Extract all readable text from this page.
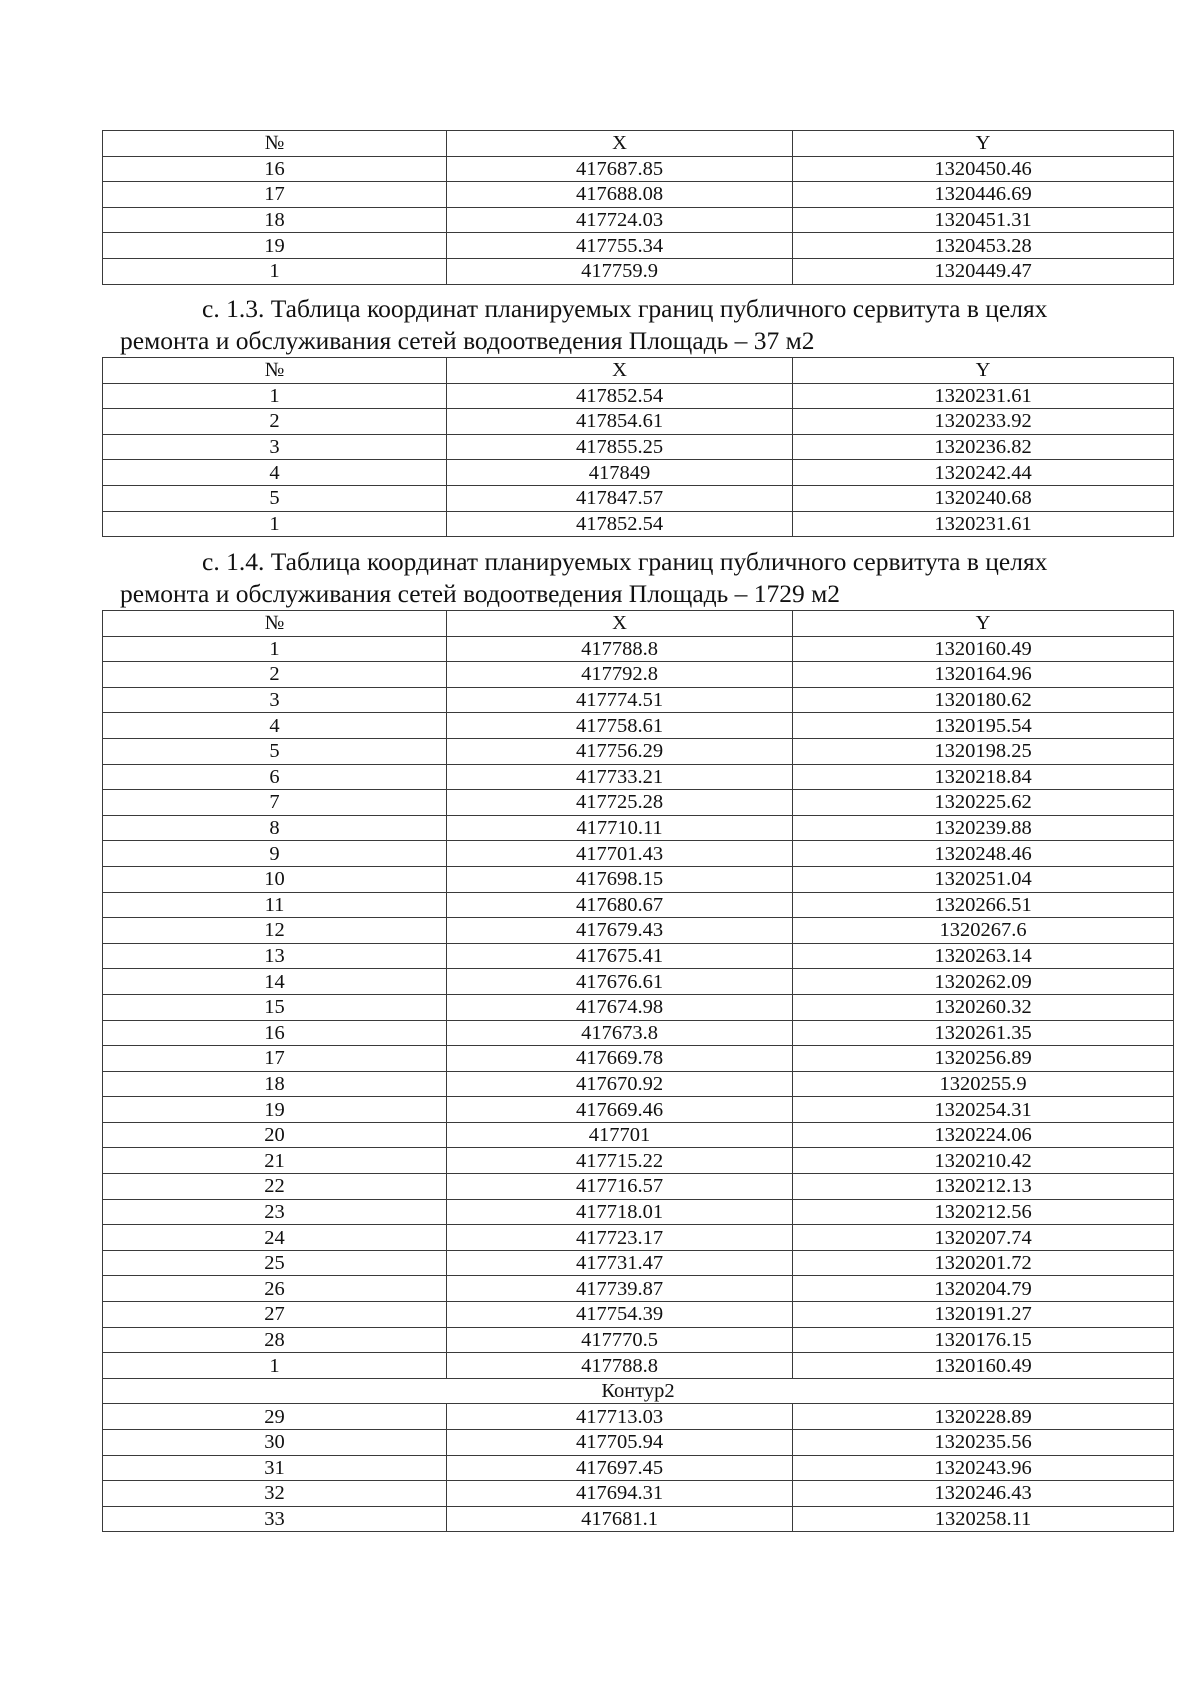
№	X	Y
16	417687.85	1320450.46
17	417688.08	1320446.69
18	417724.03	1320451.31
19	417755.34	1320453.28
1	417759.9	1320449.47
с. 1.3. Таблица координат планируемых границ публичного сервитута в целях
ремонта и обслуживания сетей водоотведения Площадь – 37 м2
№	X	Y
1	417852.54	1320231.61
2	417854.61	1320233.92
3	417855.25	1320236.82
4	417849	1320242.44
5	417847.57	1320240.68
1	417852.54	1320231.61
с. 1.4. Таблица координат планируемых границ публичного сервитута в целях
ремонта и обслуживания сетей водоотведения Площадь – 1729 м2
№	X	Y
1	417788.8	1320160.49
2	417792.8	1320164.96
3	417774.51	1320180.62
4	417758.61	1320195.54
5	417756.29	1320198.25
6	417733.21	1320218.84
7	417725.28	1320225.62
8	417710.11	1320239.88
9	417701.43	1320248.46
10	417698.15	1320251.04
11	417680.67	1320266.51
12	417679.43	1320267.6
13	417675.41	1320263.14
14	417676.61	1320262.09
15	417674.98	1320260.32
16	417673.8	1320261.35
17	417669.78	1320256.89
18	417670.92	1320255.9
19	417669.46	1320254.31
20	417701	1320224.06
21	417715.22	1320210.42
22	417716.57	1320212.13
23	417718.01	1320212.56
24	417723.17	1320207.74
25	417731.47	1320201.72
26	417739.87	1320204.79
27	417754.39	1320191.27
28	417770.5	1320176.15
1	417788.8	1320160.49
Контур2		
29	417713.03	1320228.89
30	417705.94	1320235.56
31	417697.45	1320243.96
32	417694.31	1320246.43
33	417681.1	1320258.11
